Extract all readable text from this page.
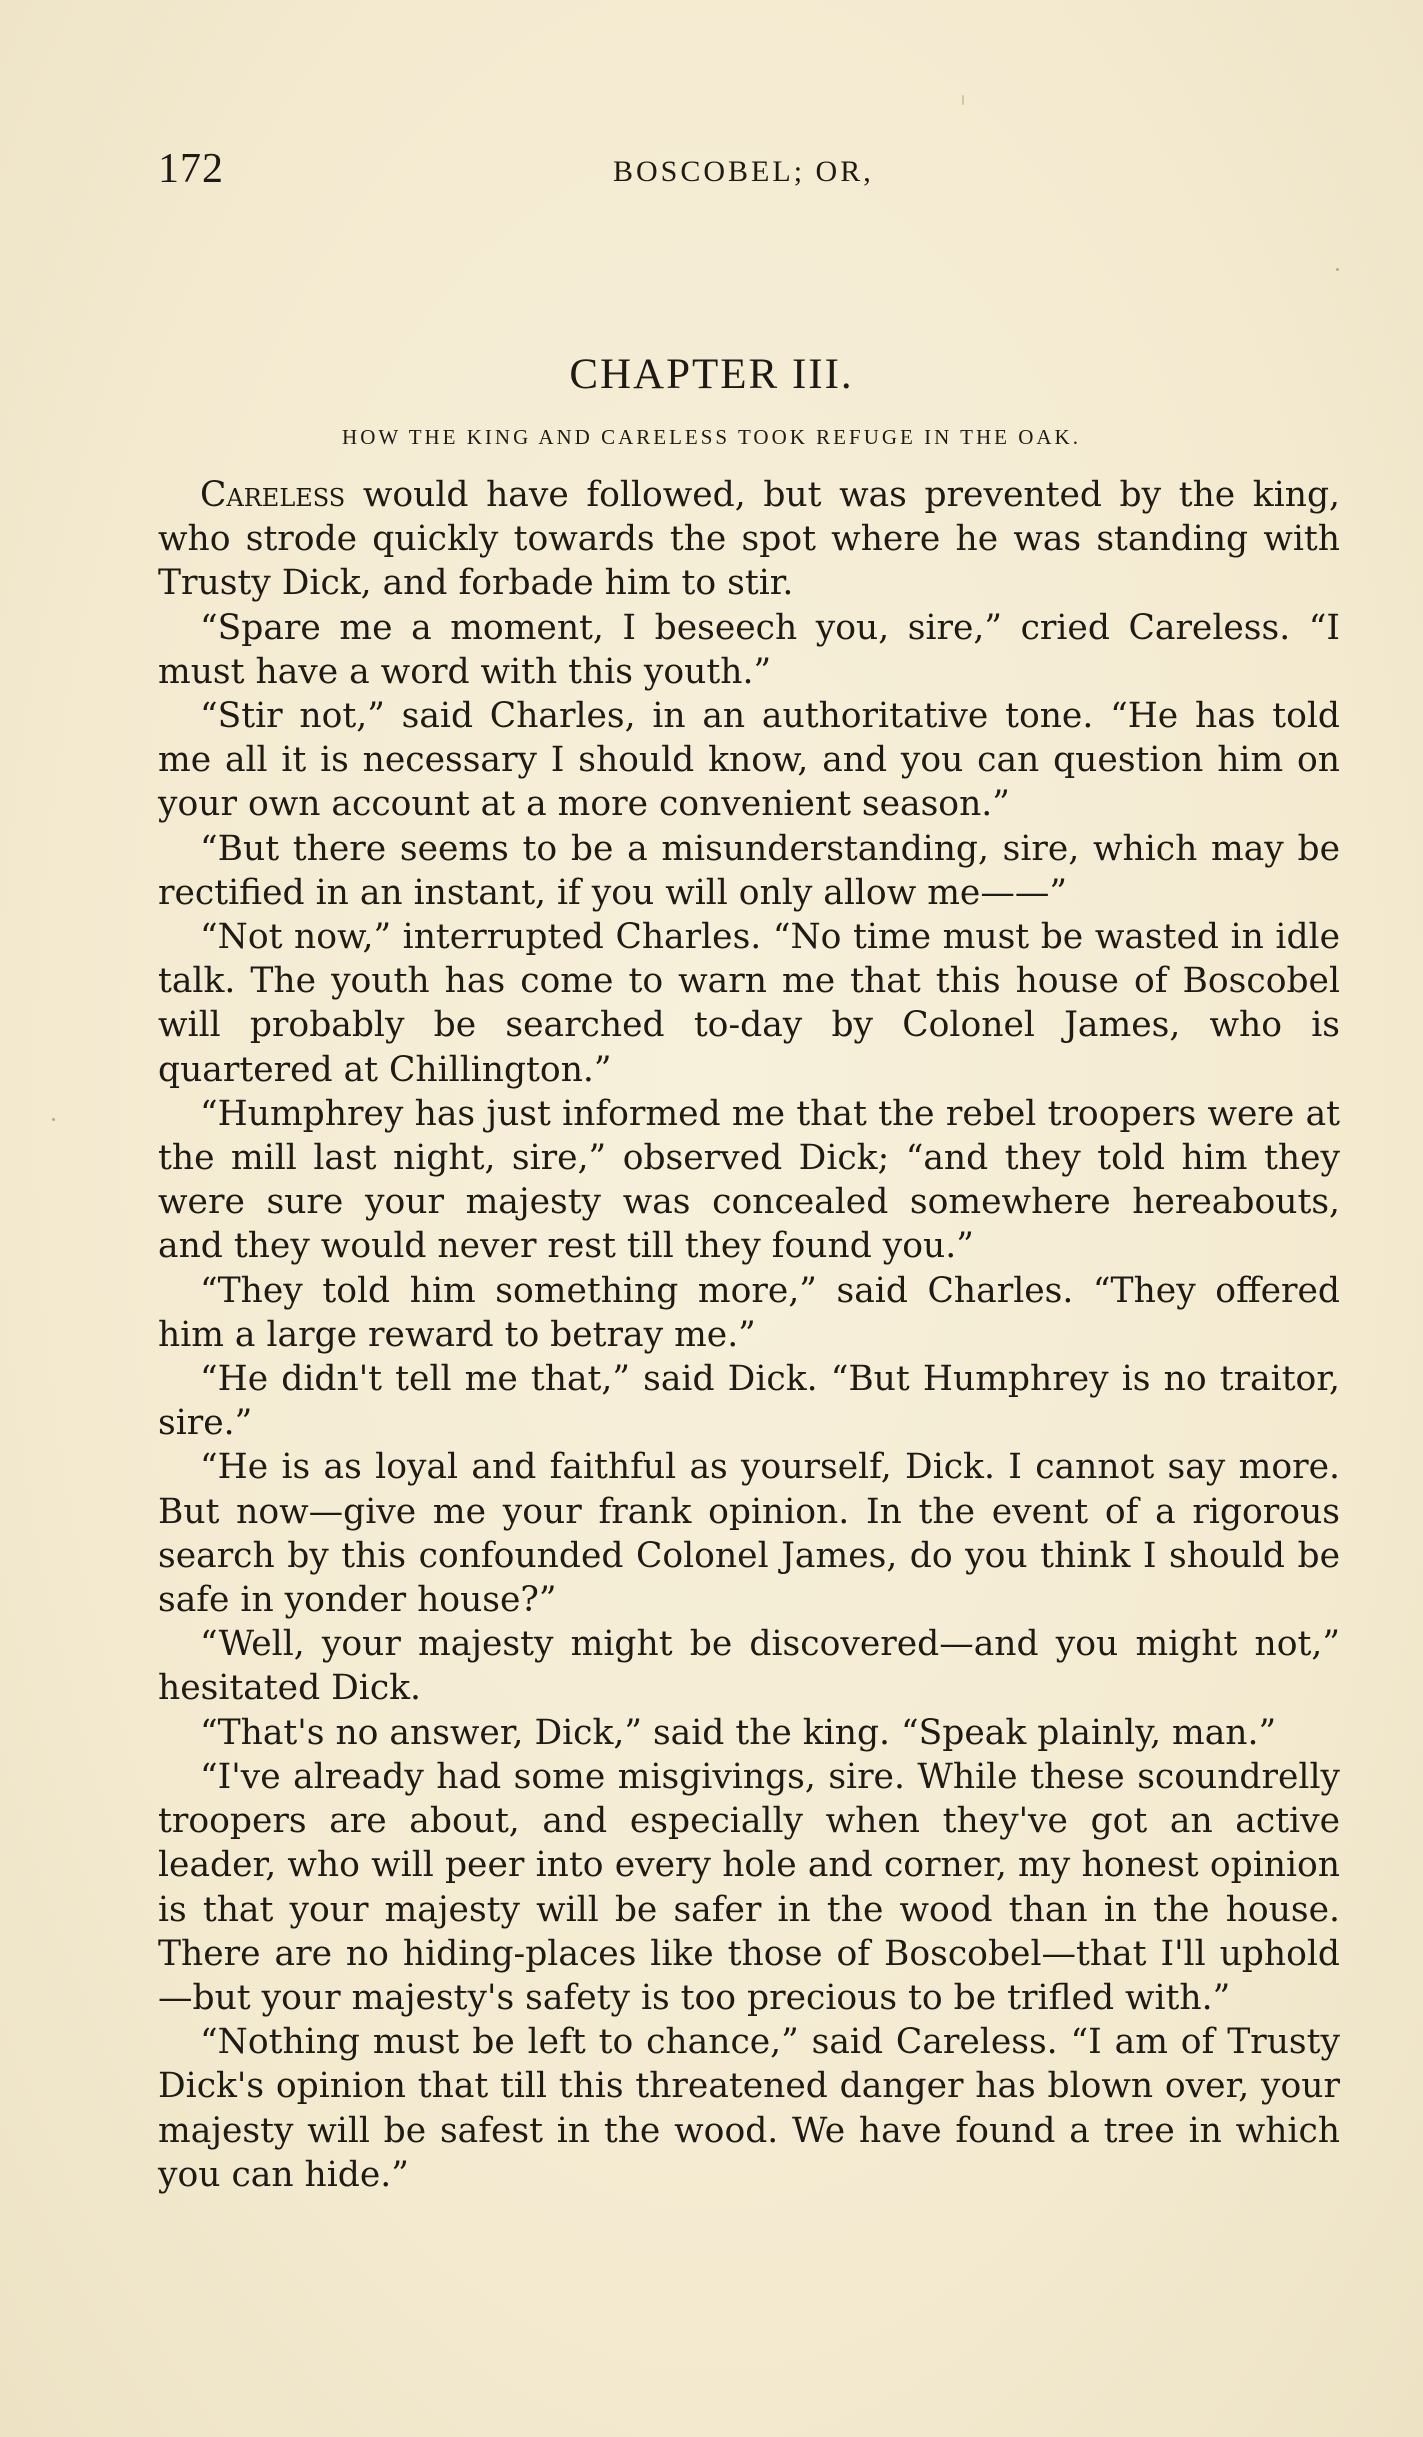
172	BOSCOBEL; OR,
CHAPTER III.
HOW THE KING AND CARELESS TOOK REFUGE IN THE OAK.

Careless would have followed, but was prevented by the king, who strode quickly towards the spot where he was standing with Trusty Dick, and forbade him to stir.

“Spare me a moment, I beseech you, sire,” cried Careless. “I must have a word with this youth.”

“Stir not,” said Charles, in an authoritative tone. “He has told me all it is necessary I should know, and you can question him on your own account at a more convenient season.”

“But there seems to be a misunderstanding, sire, which may be rectified in an instant, if you will only allow me——”

“Not now,” interrupted Charles. “No time must be wasted in idle talk. The youth has come to warn me that this house of Boscobel will probably be searched to-day by Colonel James, who is quartered at Chillington.”

“Humphrey has just informed me that the rebel troopers were at the mill last night, sire,” observed Dick; “and they told him they were sure your majesty was concealed somewhere hereabouts, and they would never rest till they found you.”

“They told him something more,” said Charles. “They offered him a large reward to betray me.”

“He didn't tell me that,” said Dick. “But Humphrey is no traitor, sire.”

“He is as loyal and faithful as yourself, Dick. I cannot say more. But now—give me your frank opinion. In the event of a rigorous search by this confounded Colonel James, do you think I should be safe in yonder house?”

“Well, your majesty might be discovered—and you might not,” hesitated Dick.

“That's no answer, Dick,” said the king. “Speak plainly, man.”

“I've already had some misgivings, sire. While these scoundrelly troopers are about, and especially when they've got an active leader, who will peer into every hole and corner, my honest opinion is that your majesty will be safer in the wood than in the house. There are no hiding-places like those of Boscobel—that I'll uphold—but your majesty's safety is too precious to be trifled with.”

“Nothing must be left to chance,” said Careless. “I am of Trusty Dick's opinion that till this threatened danger has blown over, your majesty will be safest in the wood. We have found a tree in which you can hide.”
